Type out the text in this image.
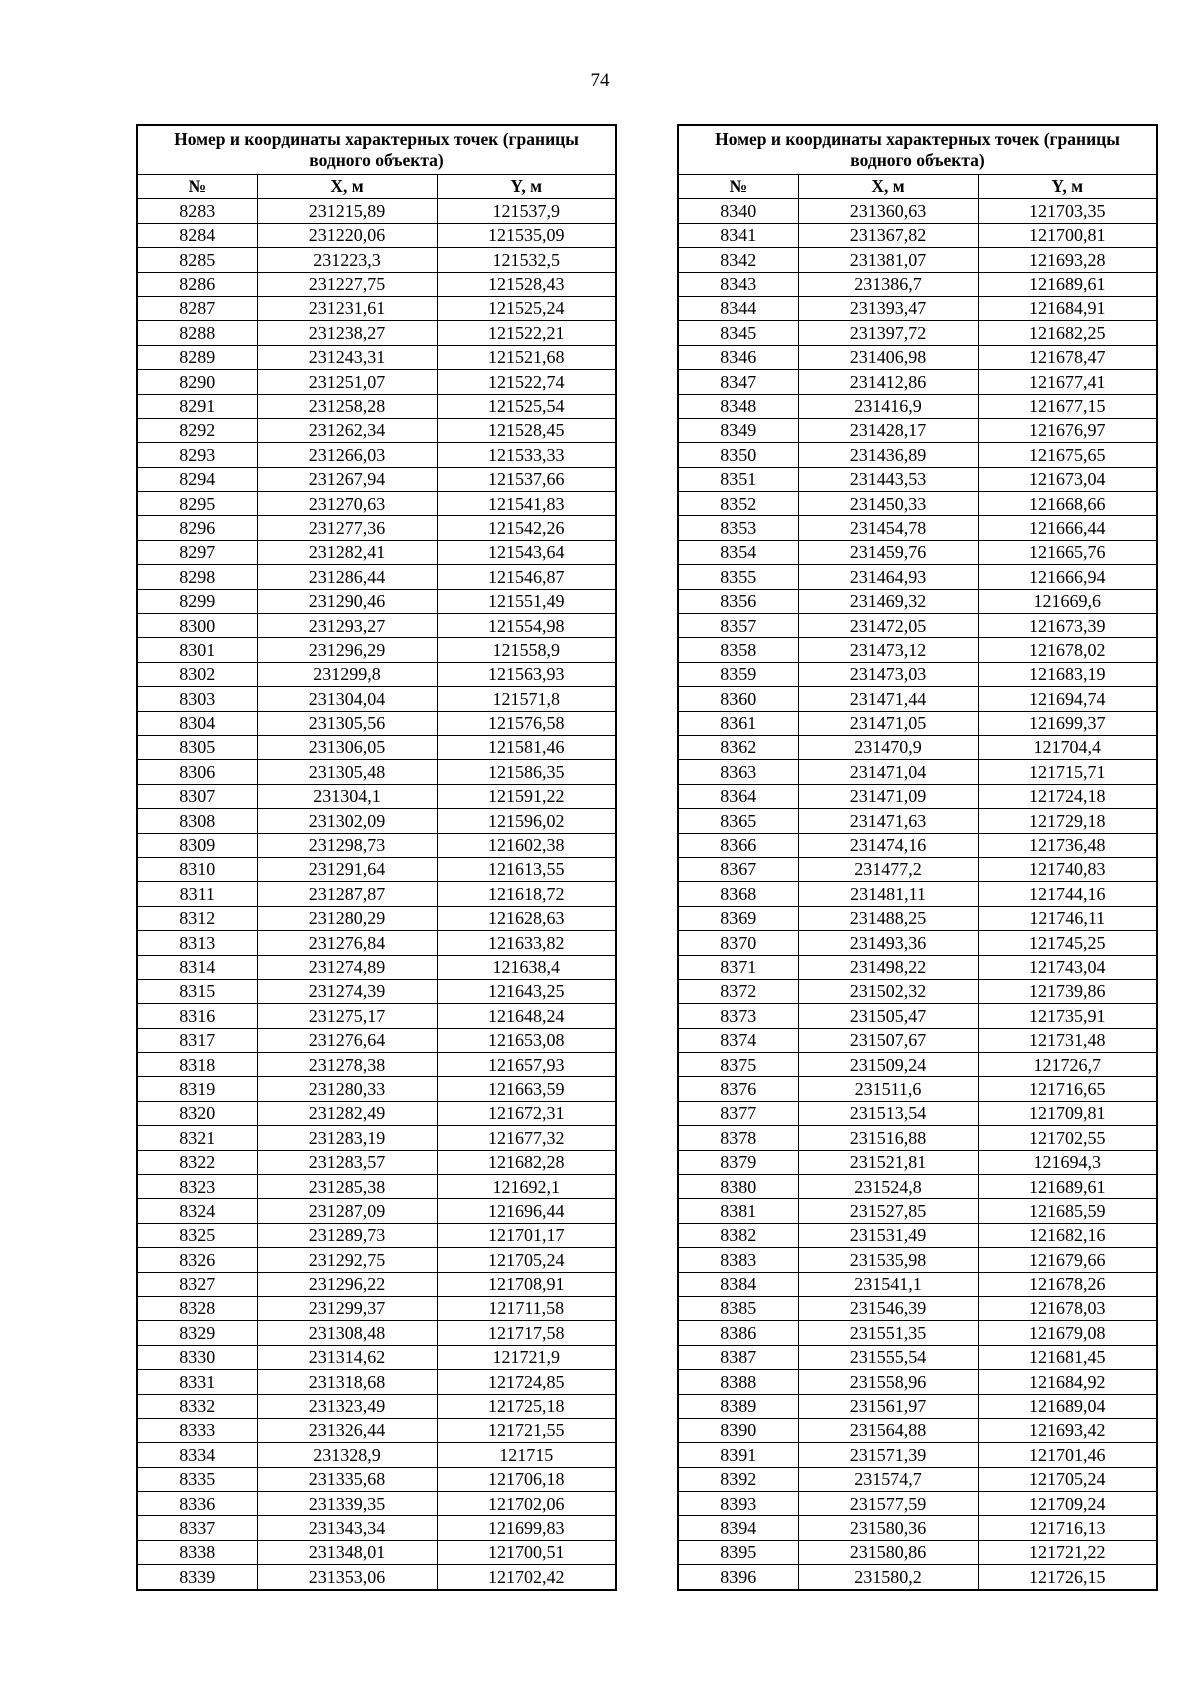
74
Номер и координаты характерных точек (границы водного объекта)		
№	X, м	Y, м
8283	231215,89	121537,9
8284	231220,06	121535,09
8285	231223,3	121532,5
8286	231227,75	121528,43
8287	231231,61	121525,24
8288	231238,27	121522,21
8289	231243,31	121521,68
8290	231251,07	121522,74
8291	231258,28	121525,54
8292	231262,34	121528,45
8293	231266,03	121533,33
8294	231267,94	121537,66
8295	231270,63	121541,83
8296	231277,36	121542,26
8297	231282,41	121543,64
8298	231286,44	121546,87
8299	231290,46	121551,49
8300	231293,27	121554,98
8301	231296,29	121558,9
8302	231299,8	121563,93
8303	231304,04	121571,8
8304	231305,56	121576,58
8305	231306,05	121581,46
8306	231305,48	121586,35
8307	231304,1	121591,22
8308	231302,09	121596,02
8309	231298,73	121602,38
8310	231291,64	121613,55
8311	231287,87	121618,72
8312	231280,29	121628,63
8313	231276,84	121633,82
8314	231274,89	121638,4
8315	231274,39	121643,25
8316	231275,17	121648,24
8317	231276,64	121653,08
8318	231278,38	121657,93
8319	231280,33	121663,59
8320	231282,49	121672,31
8321	231283,19	121677,32
8322	231283,57	121682,28
8323	231285,38	121692,1
8324	231287,09	121696,44
8325	231289,73	121701,17
8326	231292,75	121705,24
8327	231296,22	121708,91
8328	231299,37	121711,58
8329	231308,48	121717,58
8330	231314,62	121721,9
8331	231318,68	121724,85
8332	231323,49	121725,18
8333	231326,44	121721,55
8334	231328,9	121715
8335	231335,68	121706,18
8336	231339,35	121702,06
8337	231343,34	121699,83
8338	231348,01	121700,51
8339	231353,06	121702,42
Номер и координаты характерных точек (границы водного объекта)		
№	X, м	Y, м
8340	231360,63	121703,35
8341	231367,82	121700,81
8342	231381,07	121693,28
8343	231386,7	121689,61
8344	231393,47	121684,91
8345	231397,72	121682,25
8346	231406,98	121678,47
8347	231412,86	121677,41
8348	231416,9	121677,15
8349	231428,17	121676,97
8350	231436,89	121675,65
8351	231443,53	121673,04
8352	231450,33	121668,66
8353	231454,78	121666,44
8354	231459,76	121665,76
8355	231464,93	121666,94
8356	231469,32	121669,6
8357	231472,05	121673,39
8358	231473,12	121678,02
8359	231473,03	121683,19
8360	231471,44	121694,74
8361	231471,05	121699,37
8362	231470,9	121704,4
8363	231471,04	121715,71
8364	231471,09	121724,18
8365	231471,63	121729,18
8366	231474,16	121736,48
8367	231477,2	121740,83
8368	231481,11	121744,16
8369	231488,25	121746,11
8370	231493,36	121745,25
8371	231498,22	121743,04
8372	231502,32	121739,86
8373	231505,47	121735,91
8374	231507,67	121731,48
8375	231509,24	121726,7
8376	231511,6	121716,65
8377	231513,54	121709,81
8378	231516,88	121702,55
8379	231521,81	121694,3
8380	231524,8	121689,61
8381	231527,85	121685,59
8382	231531,49	121682,16
8383	231535,98	121679,66
8384	231541,1	121678,26
8385	231546,39	121678,03
8386	231551,35	121679,08
8387	231555,54	121681,45
8388	231558,96	121684,92
8389	231561,97	121689,04
8390	231564,88	121693,42
8391	231571,39	121701,46
8392	231574,7	121705,24
8393	231577,59	121709,24
8394	231580,36	121716,13
8395	231580,86	121721,22
8396	231580,2	121726,15
